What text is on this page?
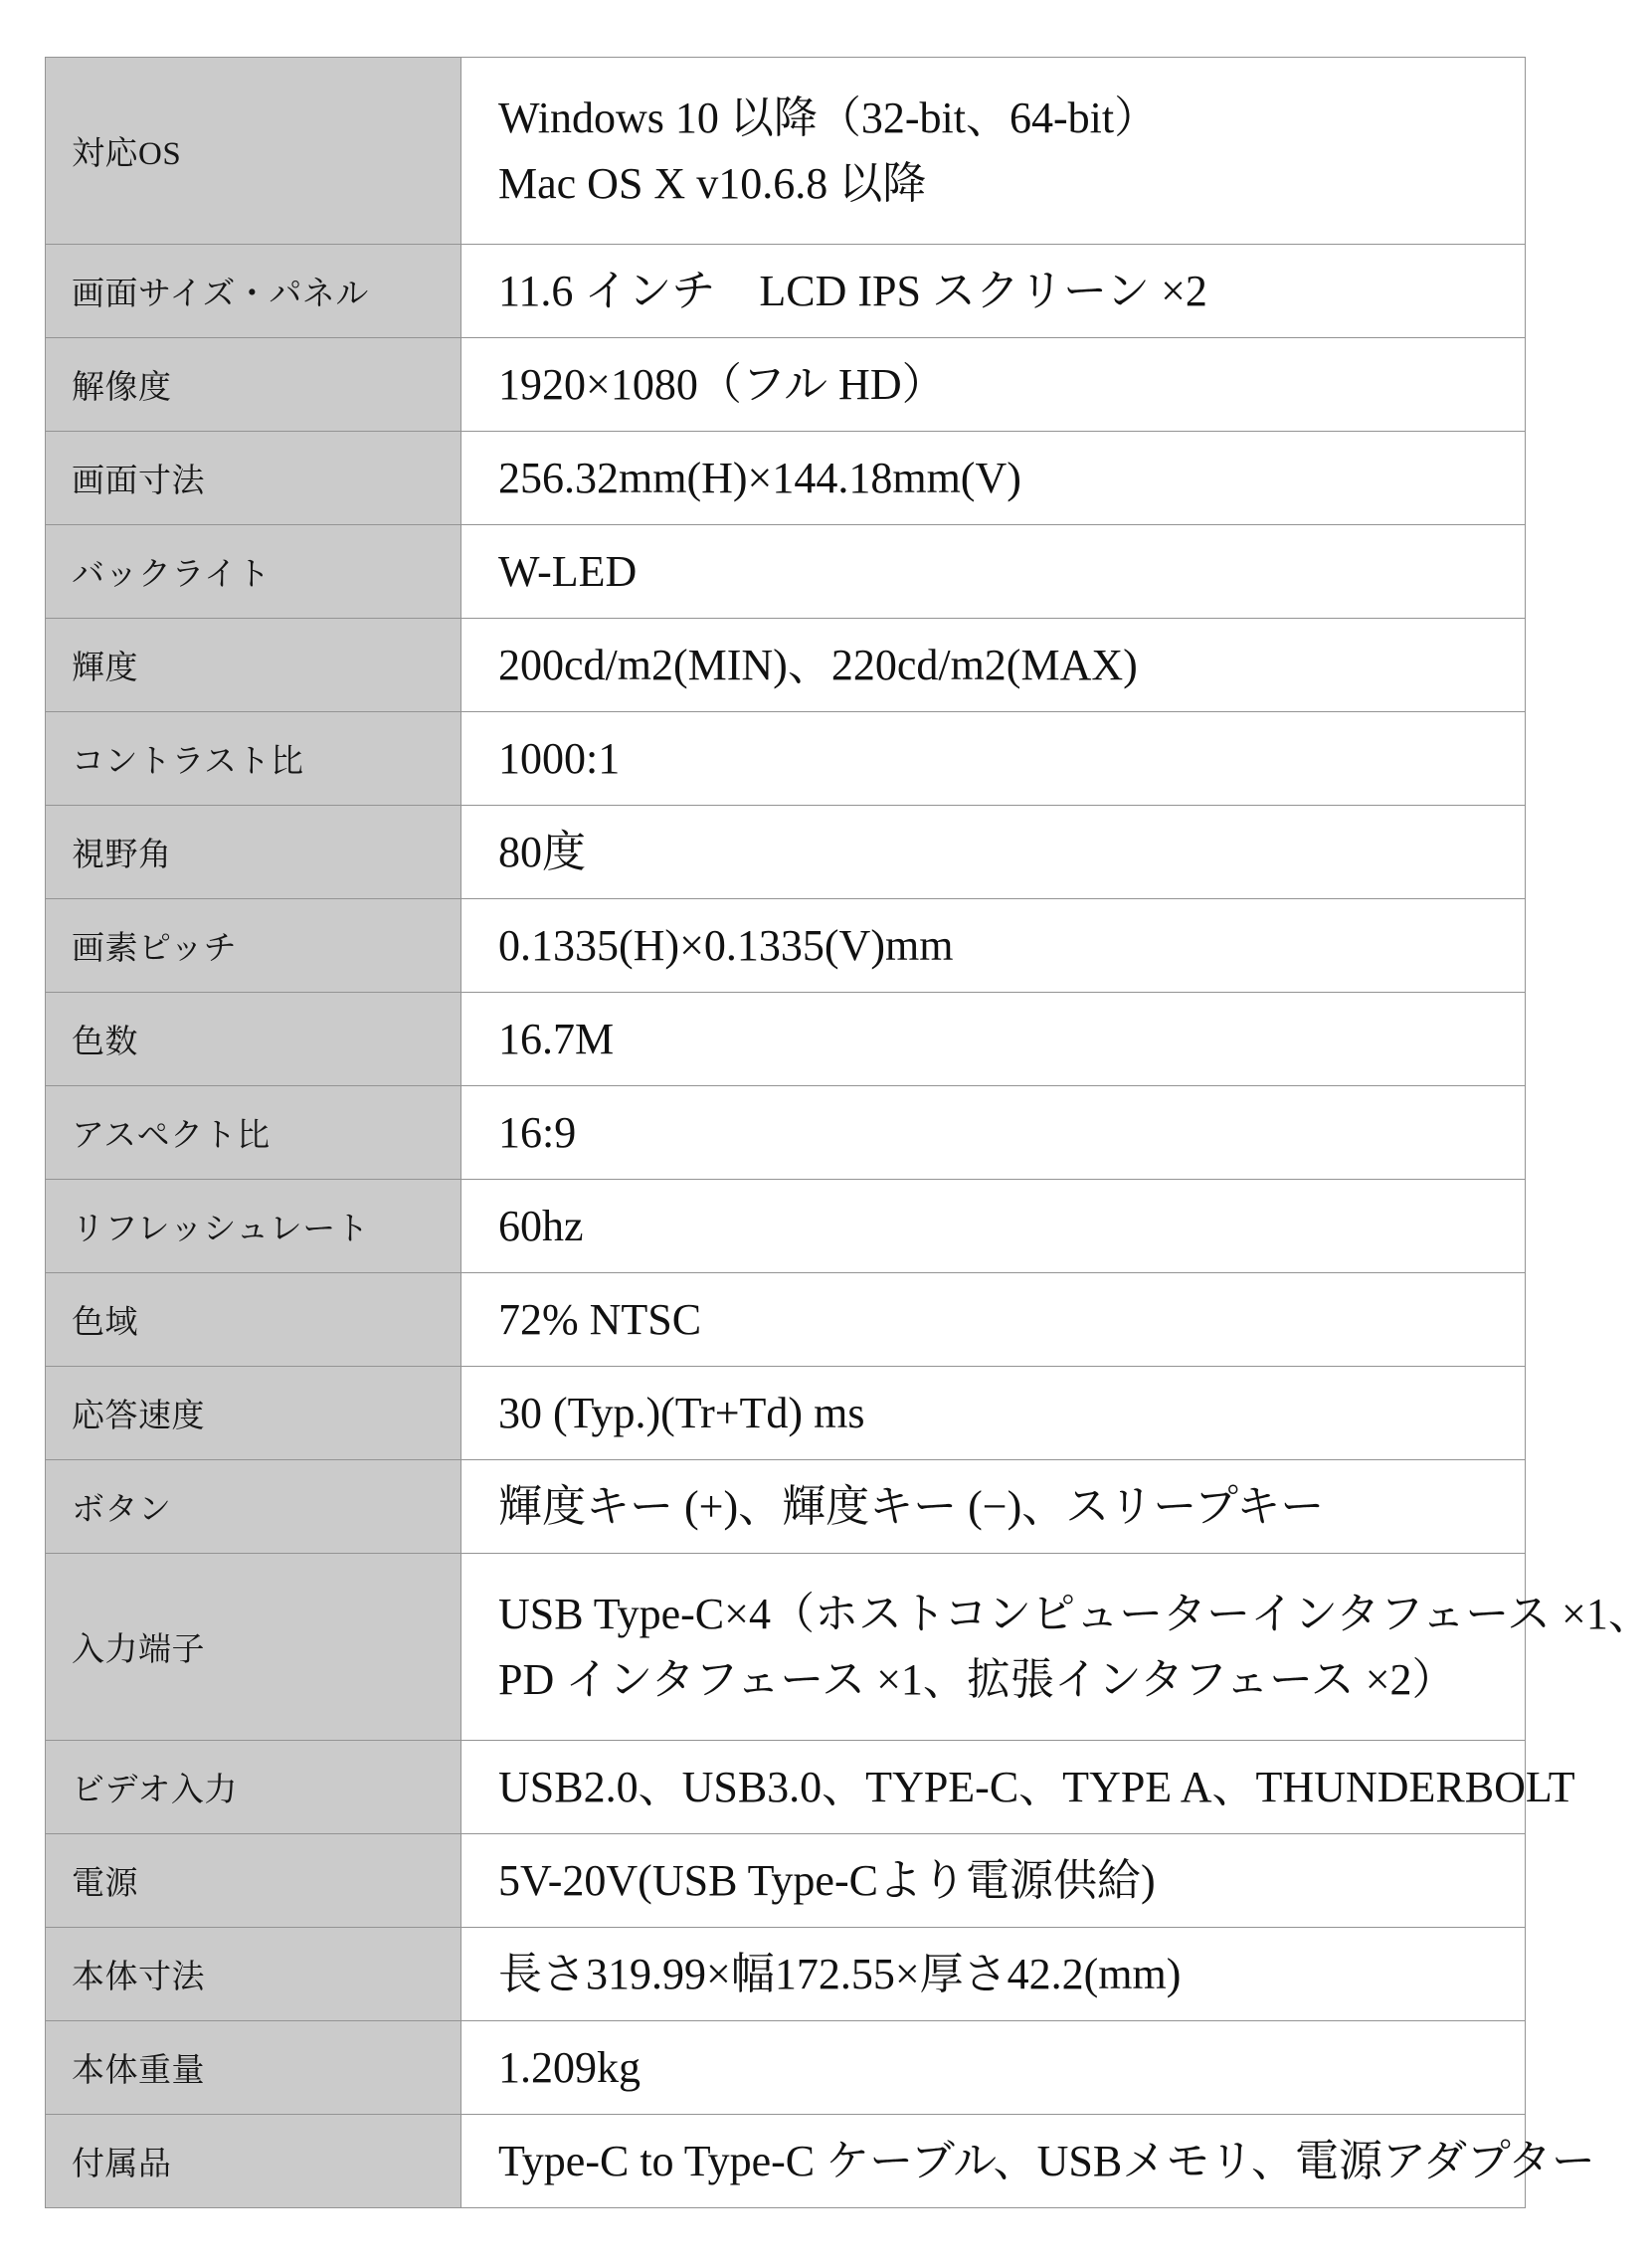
対応OS	Windows 10 以降（32-bit、64-bit）
Mac OS X v10.6.8 以降

画面サイズ・パネル	11.6 インチ　LCD IPS スクリーン ×2

解像度	1920×1080（フル HD）

画面寸法	256.32mm(H)×144.18mm(V)

バックライト	W-LED

輝度	200cd/m2(MIN)、220cd/m2(MAX)

コントラスト比	1000:1

視野角	80度

画素ピッチ	0.1335(H)×0.1335(V)mm

色数	16.7M

アスペクト比	16:9

リフレッシュレート	60hz

色域	72% NTSC

応答速度	30 (Typ.)(Tr+Td) ms

ボタン	輝度キー (+)、輝度キー (−)、スリープキー

入力端子	USB Type-C×4（ホストコンピューターインタフェース ×1、
PD インタフェース ×1、拡張インタフェース ×2）

ビデオ入力	USB2.0、USB3.0、TYPE-C、TYPE A、THUNDERBOLT

電源	5V-20V(USB Type-Cより電源供給)

本体寸法	長さ319.99×幅172.55×厚さ42.2(mm)

本体重量	1.209kg

付属品	Type-C to Type-C ケーブル、USBメモリ、電源アダプター
